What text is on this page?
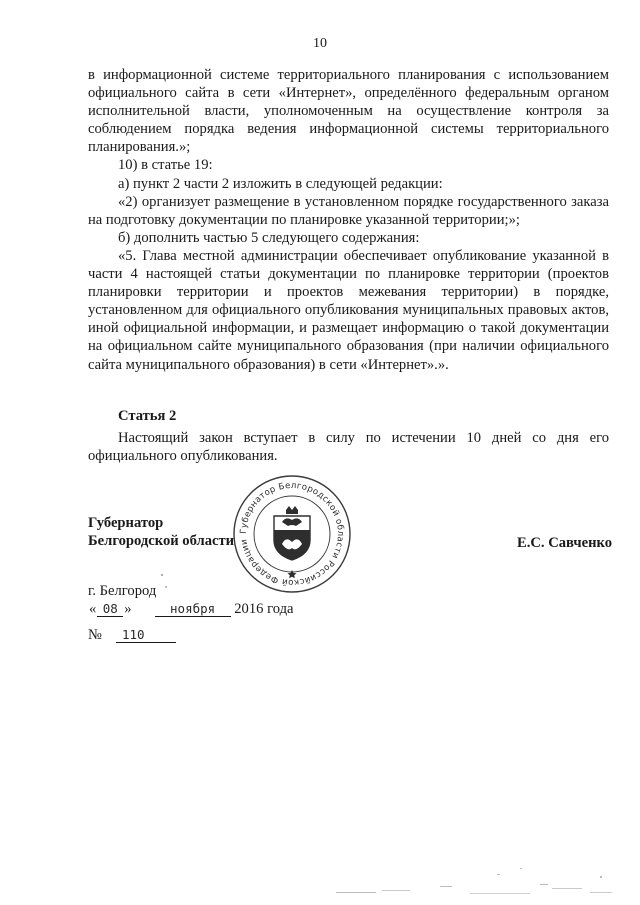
10

в информационной системе территориального планирования с использованием официального сайта в сети «Интернет», определённого федеральным органом исполнительной власти, уполномоченным на осуществление контроля за соблюдением порядка ведения информационной системы территориального планирования.»;

10) в статье 19:

а) пункт 2 части 2 изложить в следующей редакции:

«2) организует размещение в установленном порядке государственного заказа на подготовку документации по планировке указанной территории;»;

б) дополнить частью 5 следующего содержания:

«5. Глава местной администрации обеспечивает опубликование указанной в части 4 настоящей статьи документации по планировке территории (проектов планировки территории и проектов межевания территории) в порядке, установленном для официального опубликования муниципальных правовых актов, иной официальной информации, и размещает информацию о такой документации на официальном сайте муниципального образования (при наличии официального сайта муниципального образования) в сети «Интернет».».

Статья 2

Настоящий закон вступает в силу по истечении 10 дней со дня его официального опубликования.

Губернатор
Белгородской области

Губернатор Белгородской области Российской Федерации	Е.С. Савченко
г. Белгород
« 08 »	ноября 2016 года
№ 110
